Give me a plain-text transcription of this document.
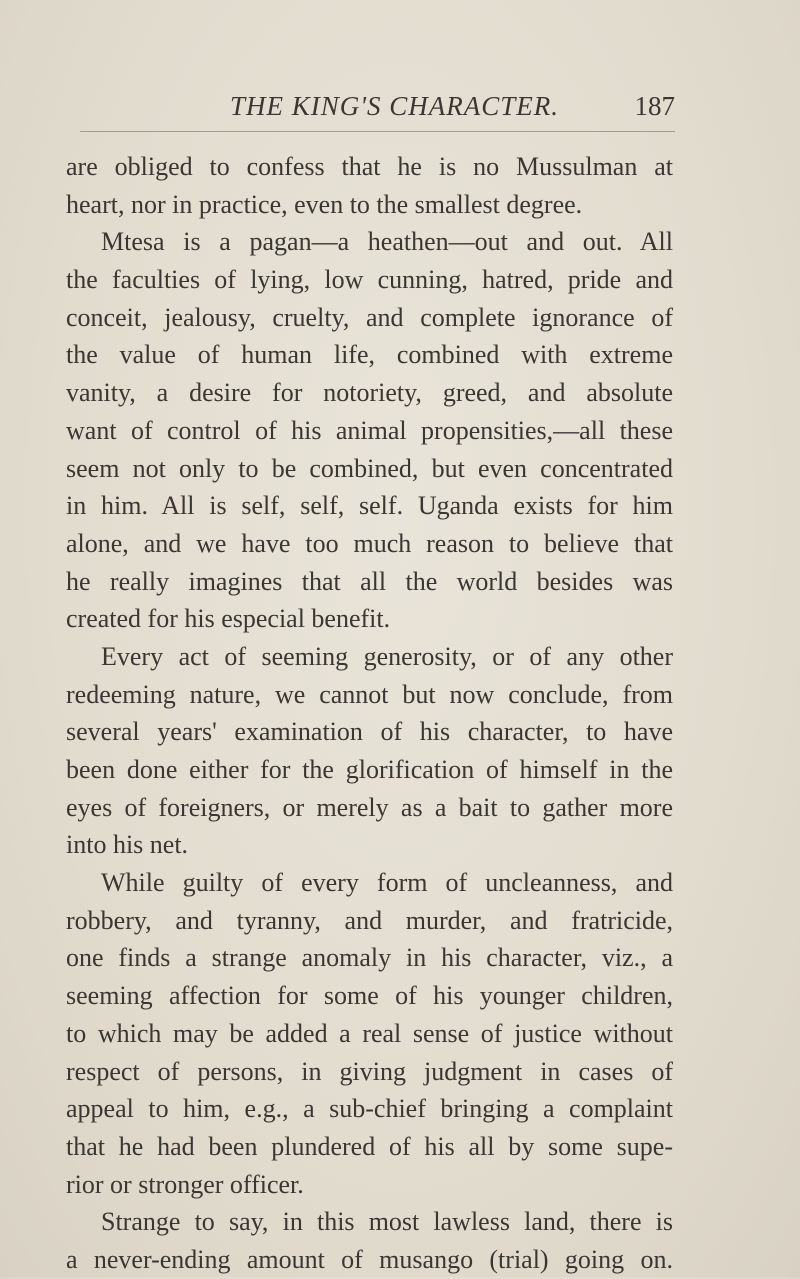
THE KING'S CHARACTER.	187
are obliged to confess that he is no Mussulman at
heart, nor in practice, even to the smallest degree.
Mtesa is a pagan—a heathen—out and out. All
the faculties of lying, low cunning, hatred, pride and
conceit, jealousy, cruelty, and complete ignorance of
the value of human life, combined with extreme
vanity, a desire for notoriety, greed, and absolute
want of control of his animal propensities,—all these
seem not only to be combined, but even concentrated
in him. All is self, self, self. Uganda exists for him
alone, and we have too much reason to believe that
he really imagines that all the world besides was
created for his especial benefit.
Every act of seeming generosity, or of any other
redeeming nature, we cannot but now conclude, from
several years' examination of his character, to have
been done either for the glorification of himself in the
eyes of foreigners, or merely as a bait to gather more
into his net.
While guilty of every form of uncleanness, and
robbery, and tyranny, and murder, and fratricide,
one finds a strange anomaly in his character, viz., a
seeming affection for some of his younger children,
to which may be added a real sense of justice without
respect of persons, in giving judgment in cases of
appeal to him, e.g., a sub-chief bringing a complaint
that he had been plundered of his all by some supe-
rior or stronger officer.
Strange to say, in this most lawless land, there is
a never-ending amount of musango (trial) going on.
